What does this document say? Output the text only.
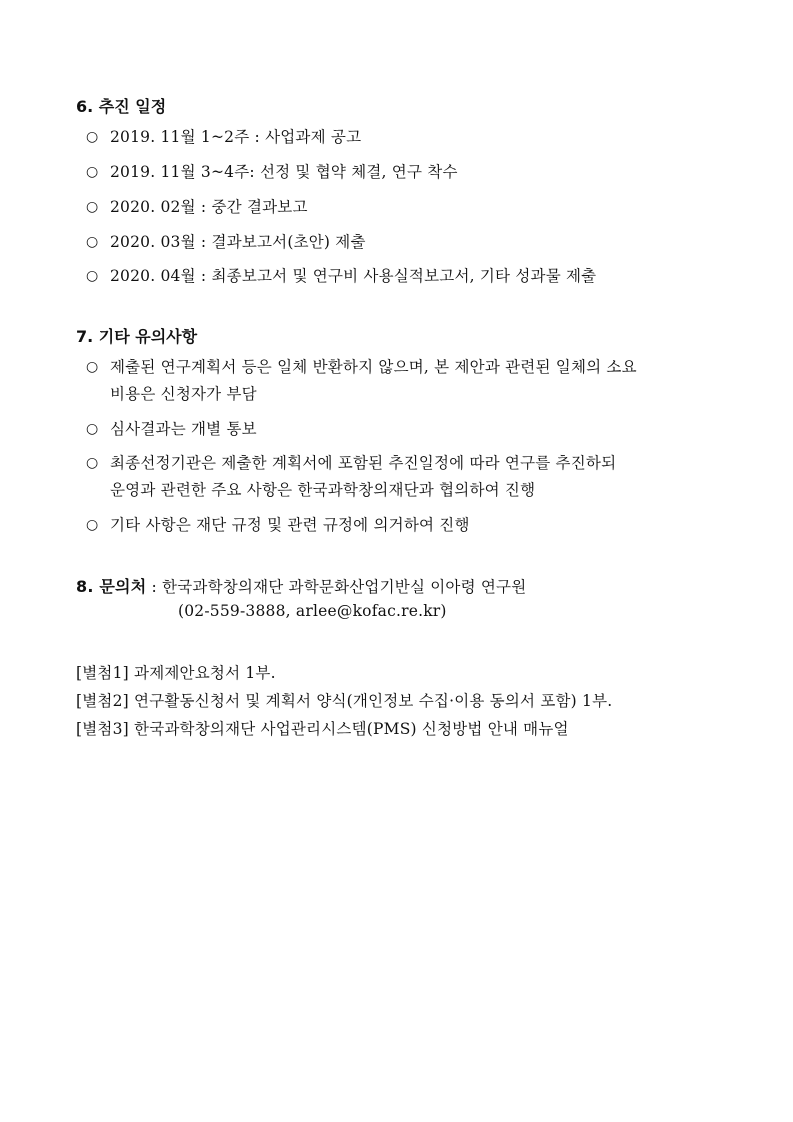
6. 추진 일정
○ 2019. 11월 1~2주 : 사업과제 공고
○ 2019. 11월 3~4주: 선정 및 협약 체결, 연구 착수
○ 2020. 02월 : 중간 결과보고
○ 2020. 03월 : 결과보고서(초안) 제출
○ 2020. 04월 : 최종보고서 및 연구비 사용실적보고서, 기타 성과물 제출
7. 기타 유의사항
○ 제출된 연구계획서 등은 일체 반환하지 않으며, 본 제안과 관련된 일체의 소요
비용은 신청자가 부담
○ 심사결과는 개별 통보
○ 최종선정기관은 제출한 계획서에 포함된 추진일정에 따라 연구를 추진하되
운영과 관련한 주요 사항은 한국과학창의재단과 협의하여 진행
○ 기타 사항은 재단 규정 및 관련 규정에 의거하여 진행
8. 문의처 : 한국과학창의재단 과학문화산업기반실 이아령 연구원
(02-559-3888, arlee@kofac.re.kr)
[별첨1] 과제제안요청서 1부.
[별첨2] 연구활동신청서 및 계획서 양식(개인정보 수집·이용 동의서 포함) 1부.
[별첨3] 한국과학창의재단 사업관리시스템(PMS) 신청방법 안내 매뉴얼
